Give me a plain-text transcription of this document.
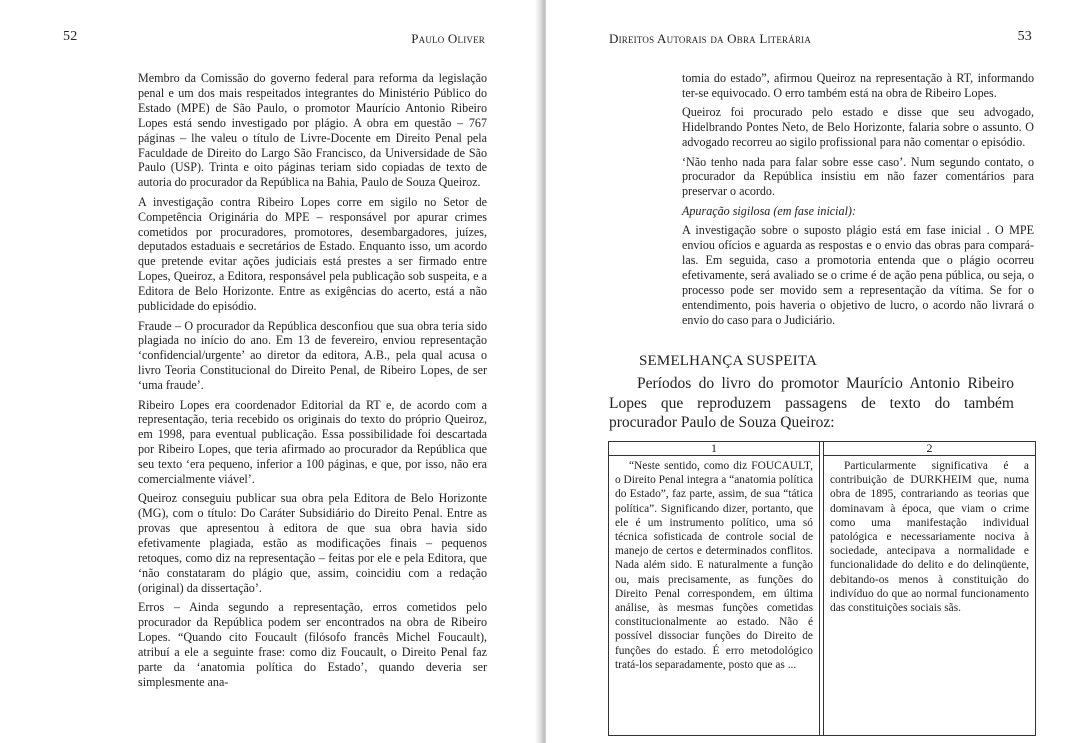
52	Paulo Oliver

Membro da Comissão do governo federal para reforma da legislação penal e um dos mais respeitados integrantes do Ministério Público do Estado (MPE) de São Paulo, o promotor Maurício Antonio Ribeiro Lopes está sendo investigado por plágio. A obra em questão – 767 páginas – lhe valeu o título de Livre-Docente em Direito Penal pela Faculdade de Direito do Largo São Francisco, da Universidade de São Paulo (USP). Trinta e oito páginas teriam sido copiadas de texto de autoria do procurador da República na Bahia, Paulo de Souza Queiroz.

A investigação contra Ribeiro Lopes corre em sigilo no Setor de Competência Originária do MPE – responsável por apurar crimes cometidos por procuradores, promotores, desembargadores, juízes, deputados estaduais e secretários de Estado. Enquanto isso, um acordo que pretende evitar ações judiciais está prestes a ser firmado entre Lopes, Queiroz, a Editora, responsável pela publicação sob suspeita, e a Editora de Belo Horizonte. Entre as exigências do acerto, está a não publicidade do episódio.

Fraude – O procurador da República desconfiou que sua obra teria sido plagiada no início do ano. Em 13 de fevereiro, enviou representação ‘confidencial/urgente’ ao diretor da editora, A.B., pela qual acusa o livro Teoria Constitucional do Direito Penal, de Ribeiro Lopes, de ser ‘uma fraude’.

Ribeiro Lopes era coordenador Editorial da RT e, de acordo com a representação, teria recebido os originais do texto do próprio Queiroz, em 1998, para eventual publicação. Essa possibilidade foi descartada por Ribeiro Lopes, que teria afirmado ao procurador da República que seu texto ‘era pequeno, inferior a 100 páginas, e que, por isso, não era comercialmente viável’.

Queiroz conseguiu publicar sua obra pela Editora de Belo Horizonte (MG), com o título: Do Caráter Subsidiário do Direito Penal. Entre as provas que apresentou à editora de que sua obra havia sido efetivamente plagiada, estão as modificações finais – pequenos retoques, como diz na representação – feitas por ele e pela Editora, que ‘não constataram do plágio que, assim, coincidiu com a redação (original) da dissertação’.

Erros – Ainda segundo a representação, erros cometidos pelo procurador da República podem ser encontrados na obra de Ribeiro Lopes. “Quando cito Foucault (filósofo francês Michel Foucault), atribuí a ele a seguinte frase: como diz Foucault, o Direito Penal faz parte da ‘anatomia política do Estado’, quando deveria ser simplesmente ana-

Direitos Autorais da Obra Literária	53

tomia do estado”, afirmou Queiroz na representação à RT, informando ter-se equivocado. O erro também está na obra de Ribeiro Lopes.

Queiroz foi procurado pelo estado e disse que seu advogado, Hidelbrando Pontes Neto, de Belo Horizonte, falaria sobre o assunto. O advogado recorreu ao sigilo profissional para não comentar o episódio.

‘Não tenho nada para falar sobre esse caso’. Num segundo contato, o procurador da República insistiu em não fazer comentários para preservar o acordo.

Apuração sigilosa (em fase inicial):

A investigação sobre o suposto plágio está em fase inicial . O MPE enviou ofícios e aguarda as respostas e o envio das obras para compará-las. Em seguida, caso a promotoria entenda que o plágio ocorreu efetivamente, será avaliado se o crime é de ação pena pública, ou seja, o processo pode ser movido sem a representação da vítima. Se for o entendimento, pois haveria o objetivo de lucro, o acordo não livrará o envio do caso para o Judiciário.

SEMELHANÇA SUSPEITA
Períodos do livro do promotor Maurício Antonio Ribeiro Lopes que reproduzem passagens de texto do também procurador Paulo de Souza Queiroz:
1
“Neste sentido, como diz FOUCAULT, o Direito Penal integra a “anatomia política do Estado”, faz parte, assim, de sua “tática política”. Significando dizer, portanto, que ele é um instrumento político, uma só técnica sofisticada de controle social de manejo de certos e determinados conflitos. Nada além sido. E naturalmente a função ou, mais precisamente, as funções do Direito Penal correspondem, em última análise, às mesmas funções cometidas constitucionalmente ao estado. Não é possível dissociar funções do Direito de funções do estado. É erro metodológico tratá-los separadamente, posto que as ...
2
Particularmente significativa é a contribuição de DURKHEIM que, numa obra de 1895, contrariando as teorias que dominavam à época, que viam o crime como uma manifestação individual patológica e necessariamente nociva à sociedade, antecipava a normalidade e funcionalidade do delito e do delinqüente, debitando-os menos à constituição do indivíduo do que ao normal funcionamento das constituições sociais sãs.
